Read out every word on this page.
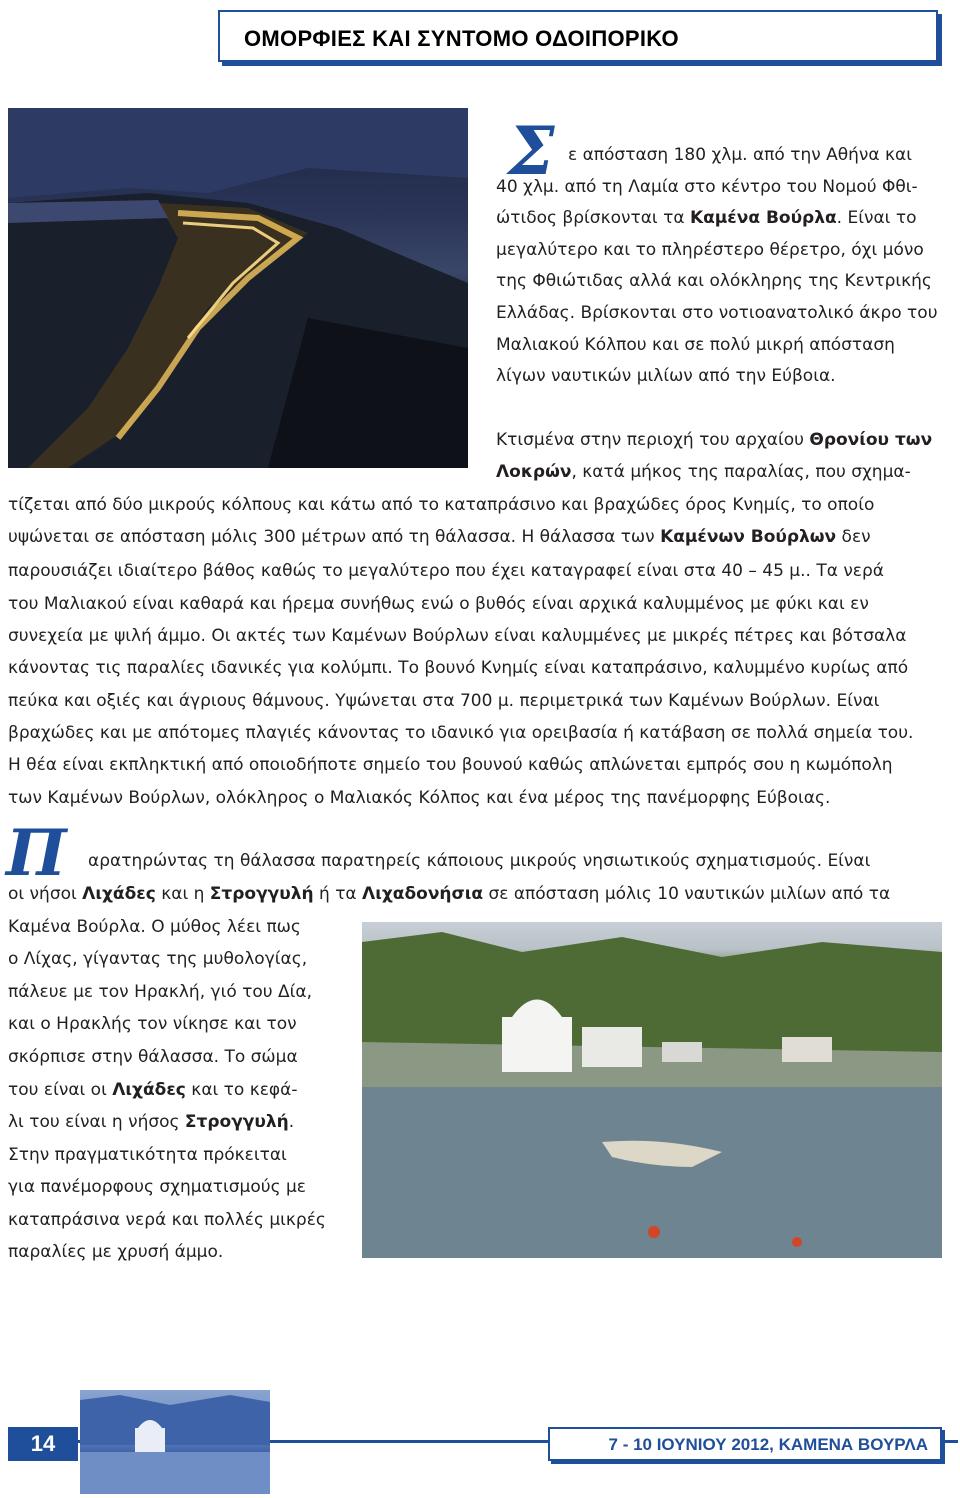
ΟΜΟΡΦΙΕΣ ΚΑΙ ΣΥΝΤΟΜΟ ΟΔΟΙΠΟΡΙΚΟ
Σ ε απόσταση 180 χλμ. από την Αθήνα και

40 χλμ. από τη Λαμία στο κέντρο του Νομού Φθι-

ώτιδος βρίσκονται τα Καμένα Βούρλα. Είναι το

μεγαλύτερο και το πληρέστερο θέρετρο, όχι μόνο

της Φθιώτιδας αλλά και ολόκληρης της Κεντρικής

Ελλάδας. Βρίσκονται στο νοτιοανατολικό άκρο του

Μαλιακού Κόλπου και σε πολύ μικρή απόσταση

λίγων ναυτικών μιλίων από την Εύβοια.

Κτισμένα στην περιοχή του αρχαίου Θρονίου των

Λοκρών, κατά μήκος της παραλίας, που σχημα-

τίζεται από δύο μικρούς κόλπους και κάτω από το καταπράσινο και βραχώδες όρος Κνημίς, το οποίο

υψώνεται σε απόσταση μόλις 300 μέτρων από τη θάλασσα. Η θάλασσα των Καμένων Βούρλων δεν

παρουσιάζει ιδιαίτερο βάθος καθώς το μεγαλύτερο που έχει καταγραφεί είναι στα 40 – 45 μ.. Τα νερά

του Μαλιακού είναι καθαρά και ήρεμα συνήθως ενώ ο βυθός είναι αρχικά καλυμμένος με φύκι και εν

συνεχεία με ψιλή άμμο. Οι ακτές των Καμένων Βούρλων είναι καλυμμένες με μικρές πέτρες και βότσαλα

κάνοντας τις παραλίες ιδανικές για κολύμπι. Το βουνό Κνημίς είναι καταπράσινο, καλυμμένο κυρίως από

πεύκα και οξιές και άγριους θάμνους. Υψώνεται στα 700 μ. περιμετρικά των Καμένων Βούρλων. Είναι

βραχώδες και με απότομες πλαγιές κάνοντας το ιδανικό για ορειβασία ή κατάβαση σε πολλά σημεία του.

Η θέα είναι εκπληκτική από οποιοδήποτε σημείο του βουνού καθώς απλώνεται εμπρός σου η κωμόπολη

των Καμένων Βούρλων, ολόκληρος ο Μαλιακός Κόλπος και ένα μέρος της πανέμορφης Εύβοιας.

Π αρατηρώντας τη θάλασσα παρατηρείς κάποιους μικρούς νησιωτικούς σχηματισμούς. Είναι

οι νήσοι Λιχάδες και η Στρογγυλή ή τα Λιχαδονήσια σε απόσταση μόλις 10 ναυτικών μιλίων από τα

Καμένα Βούρλα. Ο μύθος λέει πως

ο Λίχας, γίγαντας της μυθολογίας,

πάλευε με τον Ηρακλή, γιό του Δία,

και ο Ηρακλής τον νίκησε και τον

σκόρπισε στην θάλασσα. Το σώμα

του είναι οι Λιχάδες και το κεφά-

λι του είναι η νήσος Στρογγυλή.

Στην πραγματικότητα πρόκειται

για πανέμορφους σχηματισμούς με

καταπράσινα νερά και πολλές μικρές

παραλίες με χρυσή άμμο.

14	7 - 10 ΙΟΥΝΙΟΥ 2012, ΚΑΜΕΝΑ ΒΟΥΡΛΑ
